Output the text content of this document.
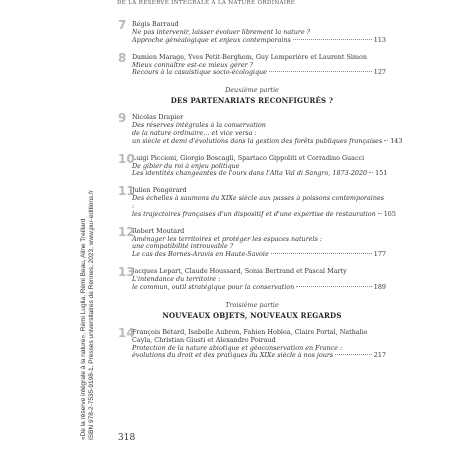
DE LA RÉSERVE INTÉGRALE À LA NATURE ORDINAIRE
«De la réserve intégrale à la nature», Rémi Luglia, Rémi Beau, Aline Treillard ISBN 978-2-7535-9198-1, Presses universitaires de Rennes, 2023, www.pur-editions.fr
7 Régis Barraud
Ne pas intervenir, laisser évoluer librement la nature ?
Approche généalogique et enjeux contemporains	113
8 Damien Marage, Yves Petit-Berghem, Guy Lemperière et Laurent Simon
Mieux connaître est-ce mieux gérer ?
Recours à la casuistique socio-écologique	127
Deuxième partie
DES PARTENARIATS RECONFIGURÉS ?
9 Nicolas Drapier
Des réserves intégrales à la conservation
de la nature ordinaire… et vice versa :
un siècle et demi d'évolutions dans la gestion des forêts publiques françaises 143
10
Luigi Piccioni, Giorgio Boscagli, Spartaco Gippoliti et Corradino Guacci
De gibier du roi à enjeu politique
Les identités changeantes de l'ours dans l'Alta Val di Sangro, 1873-2020 151
11
Julien Pongérard
Des échelles à saumons du XIXe siècle aux passes à poissons contemporaines :
les trajectoires françaises d'un dispositif et d'une expertise de restauration 165
12
Robert Moutard
Aménager les territoires et protéger les espaces naturels :
une compatibilité introuvable ?
Le cas des Bornes-Aravis en Haute-Savoie	177
13
Jacques Lepart, Claude Houssard, Sonia Bertrand et Pascal Marty
L'intendance du territoire :
le commun, outil stratégique pour la conservation	189
Troisième partie
NOUVEAUX OBJETS, NOUVEAUX REGARDS
14
François Bétard, Isabelle Aubron, Fabien Hoblea, Claire Portal, Nathalie Cayla, Christian Giusti et Alexandre Poiraud
Protection de la nature abiotique et géoconservation en France :
évolutions du droit et des pratiques du XIXe siècle à nos jours	217
318
